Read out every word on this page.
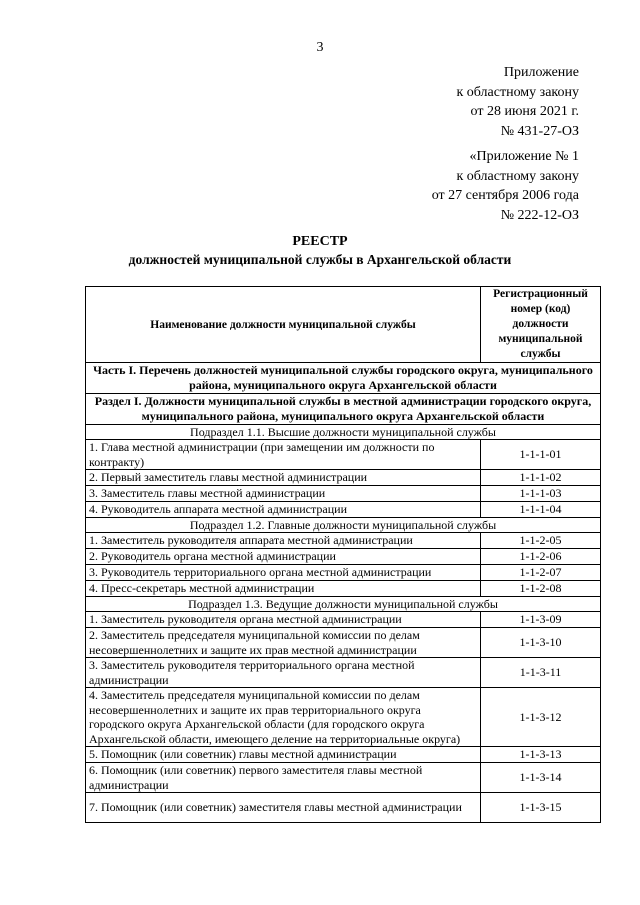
3
Приложение
к областному закону
от 28 июня 2021 г.
№ 431-27-ОЗ
«Приложение № 1
к областному закону
от 27 сентября 2006 года
№ 222-12-ОЗ
РЕЕСТР
должностей муниципальной службы в Архангельской области
Наименование должности муниципальной службы	Регистрационный номер (код) должности муниципальной службы
Часть I. Перечень должностей муниципальной службы городского округа, муниципального района, муниципального округа Архангельской области	
Раздел I. Должности муниципальной службы в местной администрации городского округа, муниципального района, муниципального округа Архангельской области	
Подраздел 1.1. Высшие должности муниципальной службы	
1. Глава местной администрации (при замещении им должности по контракту)	1-1-1-01
2. Первый заместитель главы местной администрации	1-1-1-02
3. Заместитель главы местной администрации	1-1-1-03
4. Руководитель аппарата местной администрации	1-1-1-04
Подраздел 1.2. Главные должности муниципальной службы	
1. Заместитель руководителя аппарата местной администрации	1-1-2-05
2. Руководитель органа местной администрации	1-1-2-06
3. Руководитель территориального органа местной администрации	1-1-2-07
4. Пресс-секретарь местной администрации	1-1-2-08
Подраздел 1.3. Ведущие должности муниципальной службы	
1. Заместитель руководителя органа местной администрации	1-1-3-09
2. Заместитель председателя муниципальной комиссии по делам несовершеннолетних и защите их прав местной администрации	1-1-3-10
3. Заместитель руководителя территориального органа местной администрации	1-1-3-11
4. Заместитель председателя муниципальной комиссии по делам несовершеннолетних и защите их прав территориального округа городского округа Архангельской области (для городского округа Архангельской области, имеющего деление на территориальные округа)	1-1-3-12
5. Помощник (или советник) главы местной администрации	1-1-3-13
6. Помощник (или советник) первого заместителя главы местной администрации	1-1-3-14
7. Помощник (или советник) заместителя главы местной администрации	1-1-3-15
